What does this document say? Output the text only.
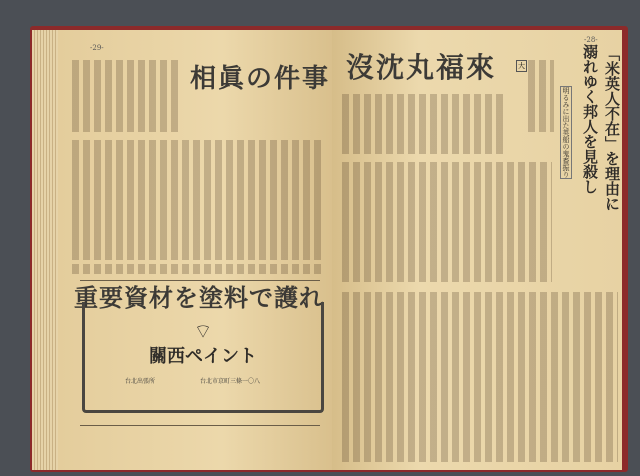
-29-
事件の眞相
重要資材を塗料で護れ
⌔
關西ペイント
台北出張所	台北市京町三條一〇八
-28-
來福丸沈沒	大	「米英人不在」を理由に
溺れゆく邦人を見殺し
明るみに出た英船の鬼畜振り
